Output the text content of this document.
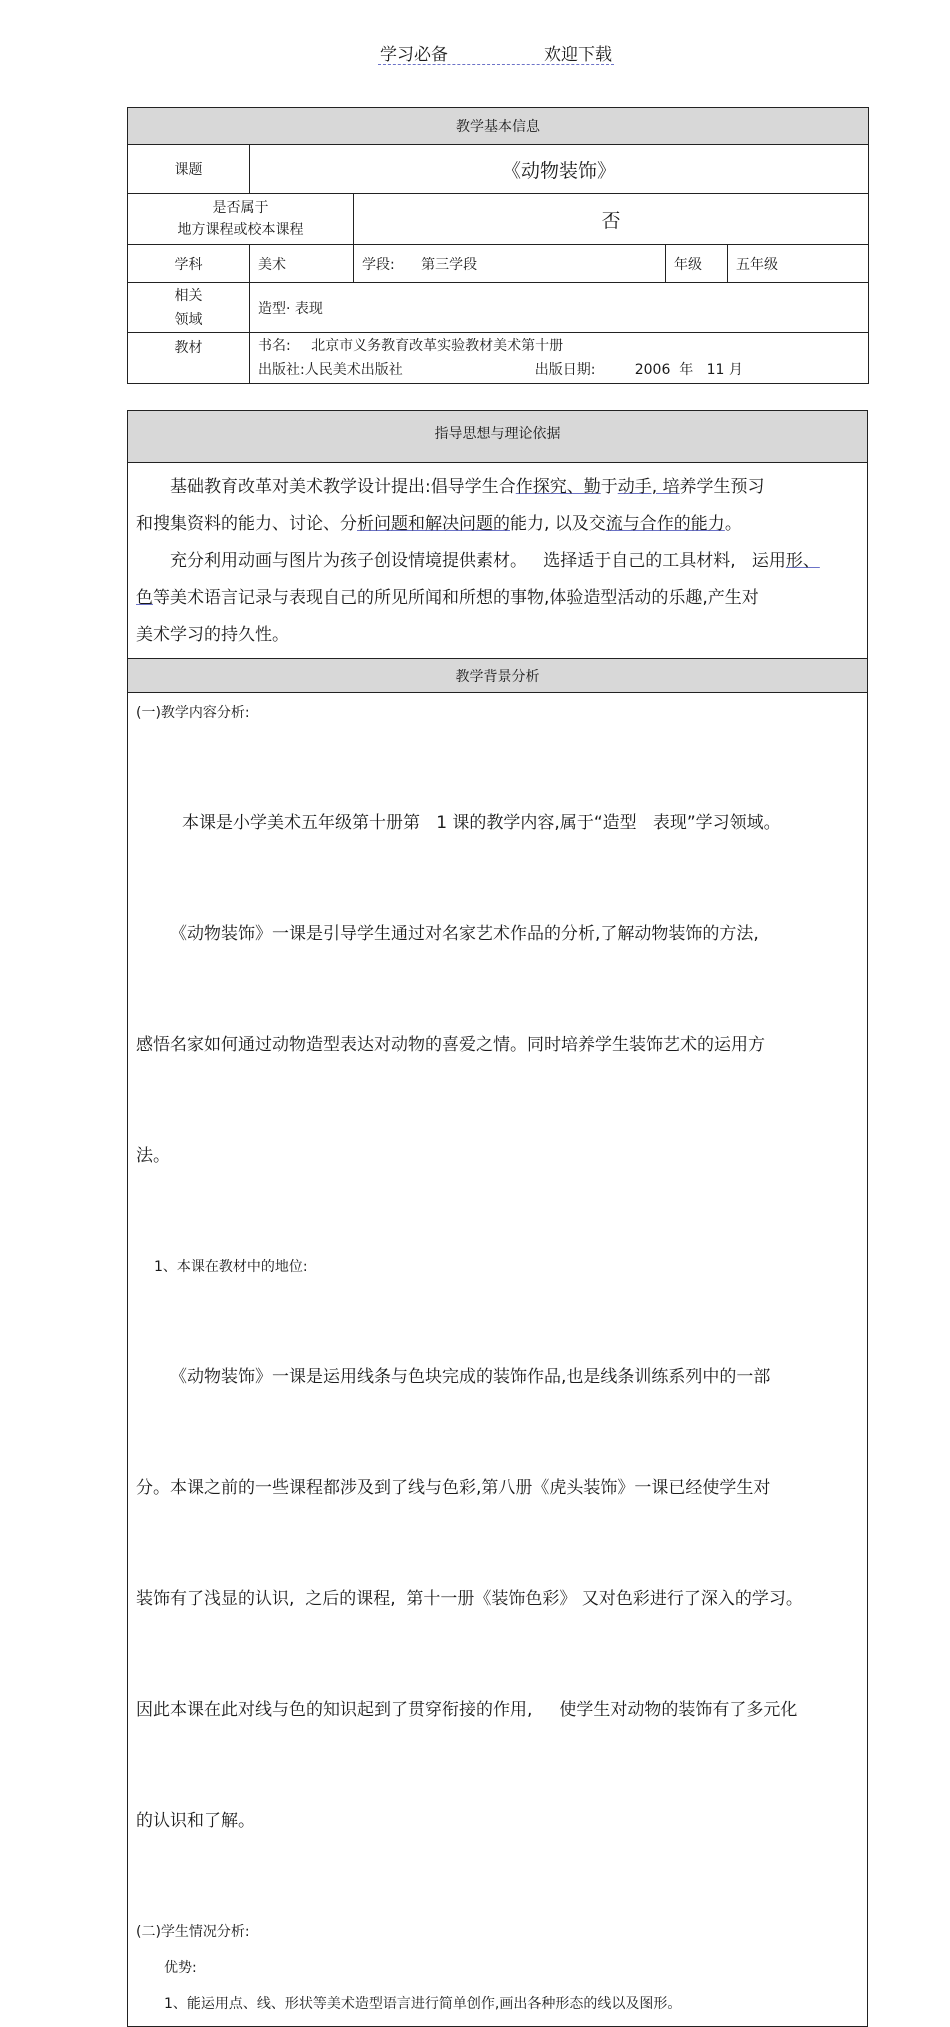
学习必备	欢迎下载
教学基本信息				
课题	《动物装饰》			

是否属于
地方课程或校本课程		否		
学科	美术	学段: 第三学段	年级	五年级

相关
领域	造型· 表现			
教材	书名: 北京市义务教育改革实验教材美术第十册
出版社: 人民美术出版社 出版日期: 2006  年   11 月			
指导思想与理论依据

基础教育改革对美术教学设计提出:倡导学生合作探究、勤于动手, 培养学生预习
和搜集资料的能力、讨论、分析问题和解决问题的能力, 以及交流与合作的能力。

充分利用动画与图片为孩子创设情境提供素材。   选择适于自己的工具材料,   运用形、
色等美术语言记录与表现自己的所见所闻和所想的事物,体验造型活动的乐趣,产生对
美术学习的持久性。

教学背景分析

(一)教学内容分析:

本课是小学美术五年级第十册第   1 课的教学内容,属于“造型   表现”学习领域。

《动物装饰》一课是引导学生通过对名家艺术作品的分析,了解动物装饰的方法,

感悟名家如何通过动物造型表达对动物的喜爱之情。同时培养学生装饰艺术的运用方

法。

1、本课在教材中的地位:

《动物装饰》一课是运用线条与色块完成的装饰作品,也是线条训练系列中的一部

分。本课之前的一些课程都涉及到了线与色彩,第八册《虎头装饰》一课已经使学生对

装饰有了浅显的认识,  之后的课程,  第十一册《装饰色彩》 又对色彩进行了深入的学习。

因此本课在此对线与色的知识起到了贯穿衔接的作用,     使学生对动物的装饰有了多元化

的认识和了解。

(二)学生情况分析:
优势:
1、能运用点、线、形状等美术造型语言进行简单创作,画出各种形态的线以及图形。
